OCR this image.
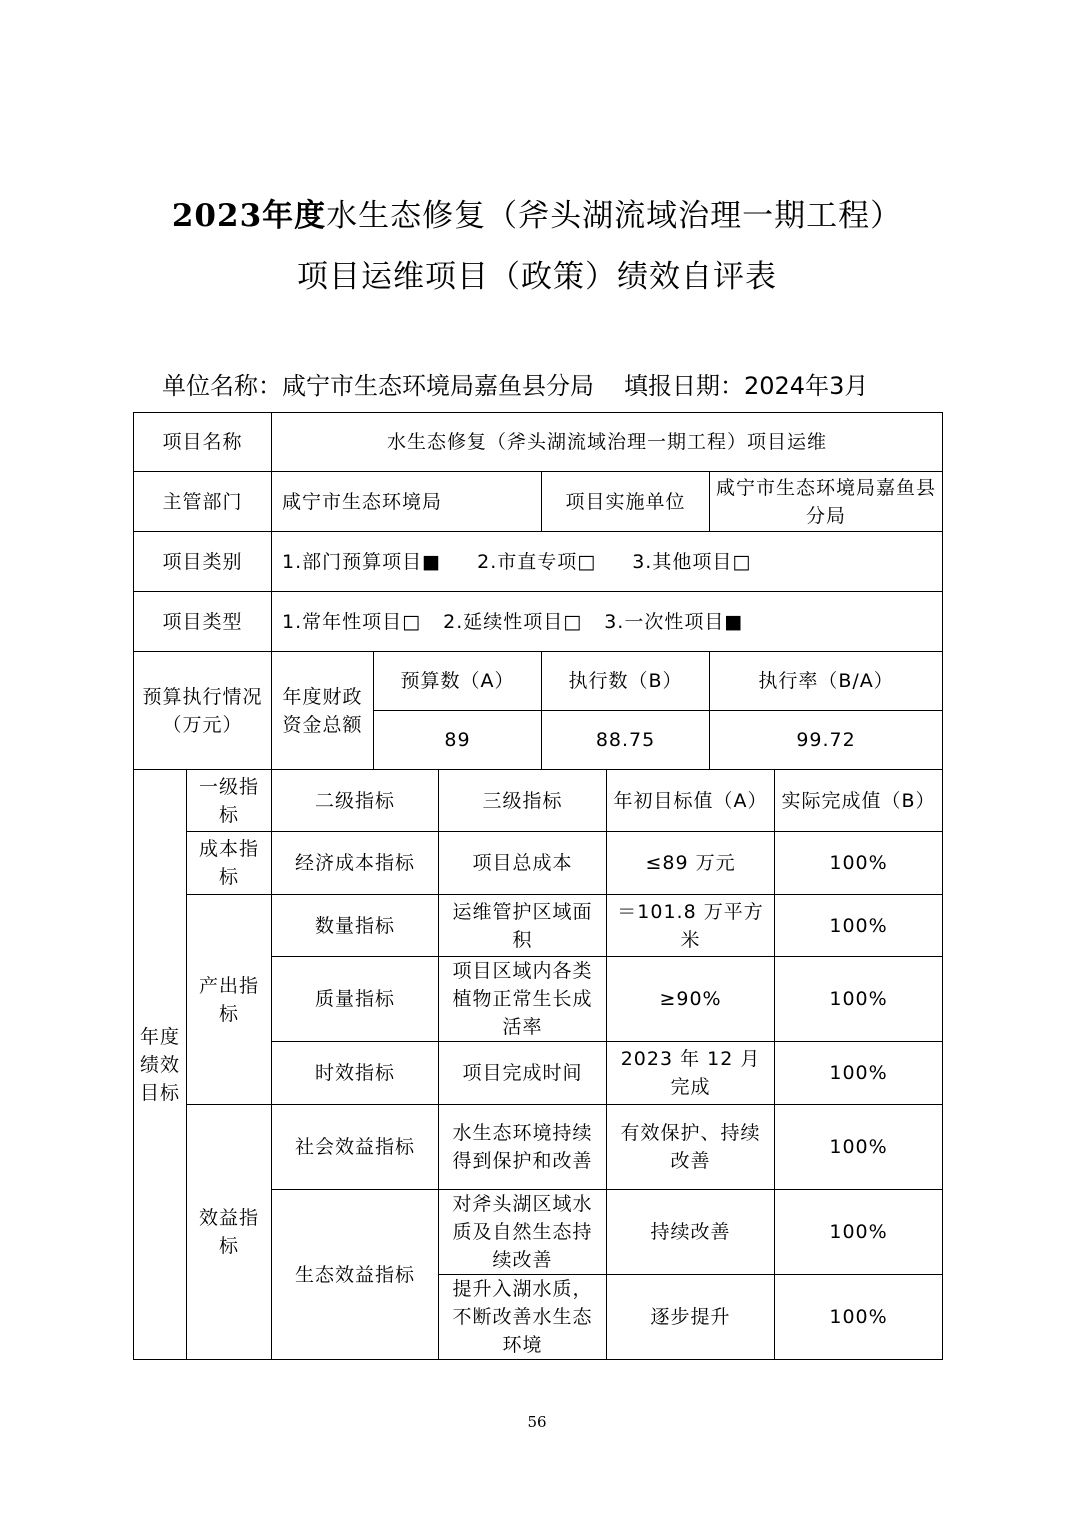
2023年度水生态修复（斧头湖流域治理一期工程）
项目运维项目（政策）绩效自评表
单位名称：咸宁市生态环境局嘉鱼县分局 填报日期：2024年3月
项目名称		水生态修复（斧头湖流域治理一期工程）项目运维						
主管部门		咸宁市生态环境局			项目实施单位		咸宁市生态环境局嘉鱼县分局	
项目类别		1.部门预算项目■ 2.市直专项□ 3.其他项目□						
项目类型		1.常年性项目□ 2.延续性项目□ 3.一次性项目■						
预算执行情况（万元）		年度财政资金总额	预算数（A）		执行数（B）		执行率（B/A）	
			89		88.75		99.72	
年度绩效目标	一级指标	二级指标		三级指标		年初目标值（A）		实际完成值（B）
	成本指标	经济成本指标		项目总成本		≤89 万元		100%
	产出指标	数量指标		运维管护区域面积		＝101.8 万平方米		100%
		质量指标		项目区域内各类植物正常生长成活率		≥90%		100%
		时效指标		项目完成时间		2023 年 12 月完成		100%
	效益指标	社会效益指标		水生态环境持续得到保护和改善		有效保护、持续改善		100%
		生态效益指标		对斧头湖区域水质及自然生态持续改善		持续改善		100%
				提升入湖水质，不断改善水生态环境		逐步提升		100%
56
